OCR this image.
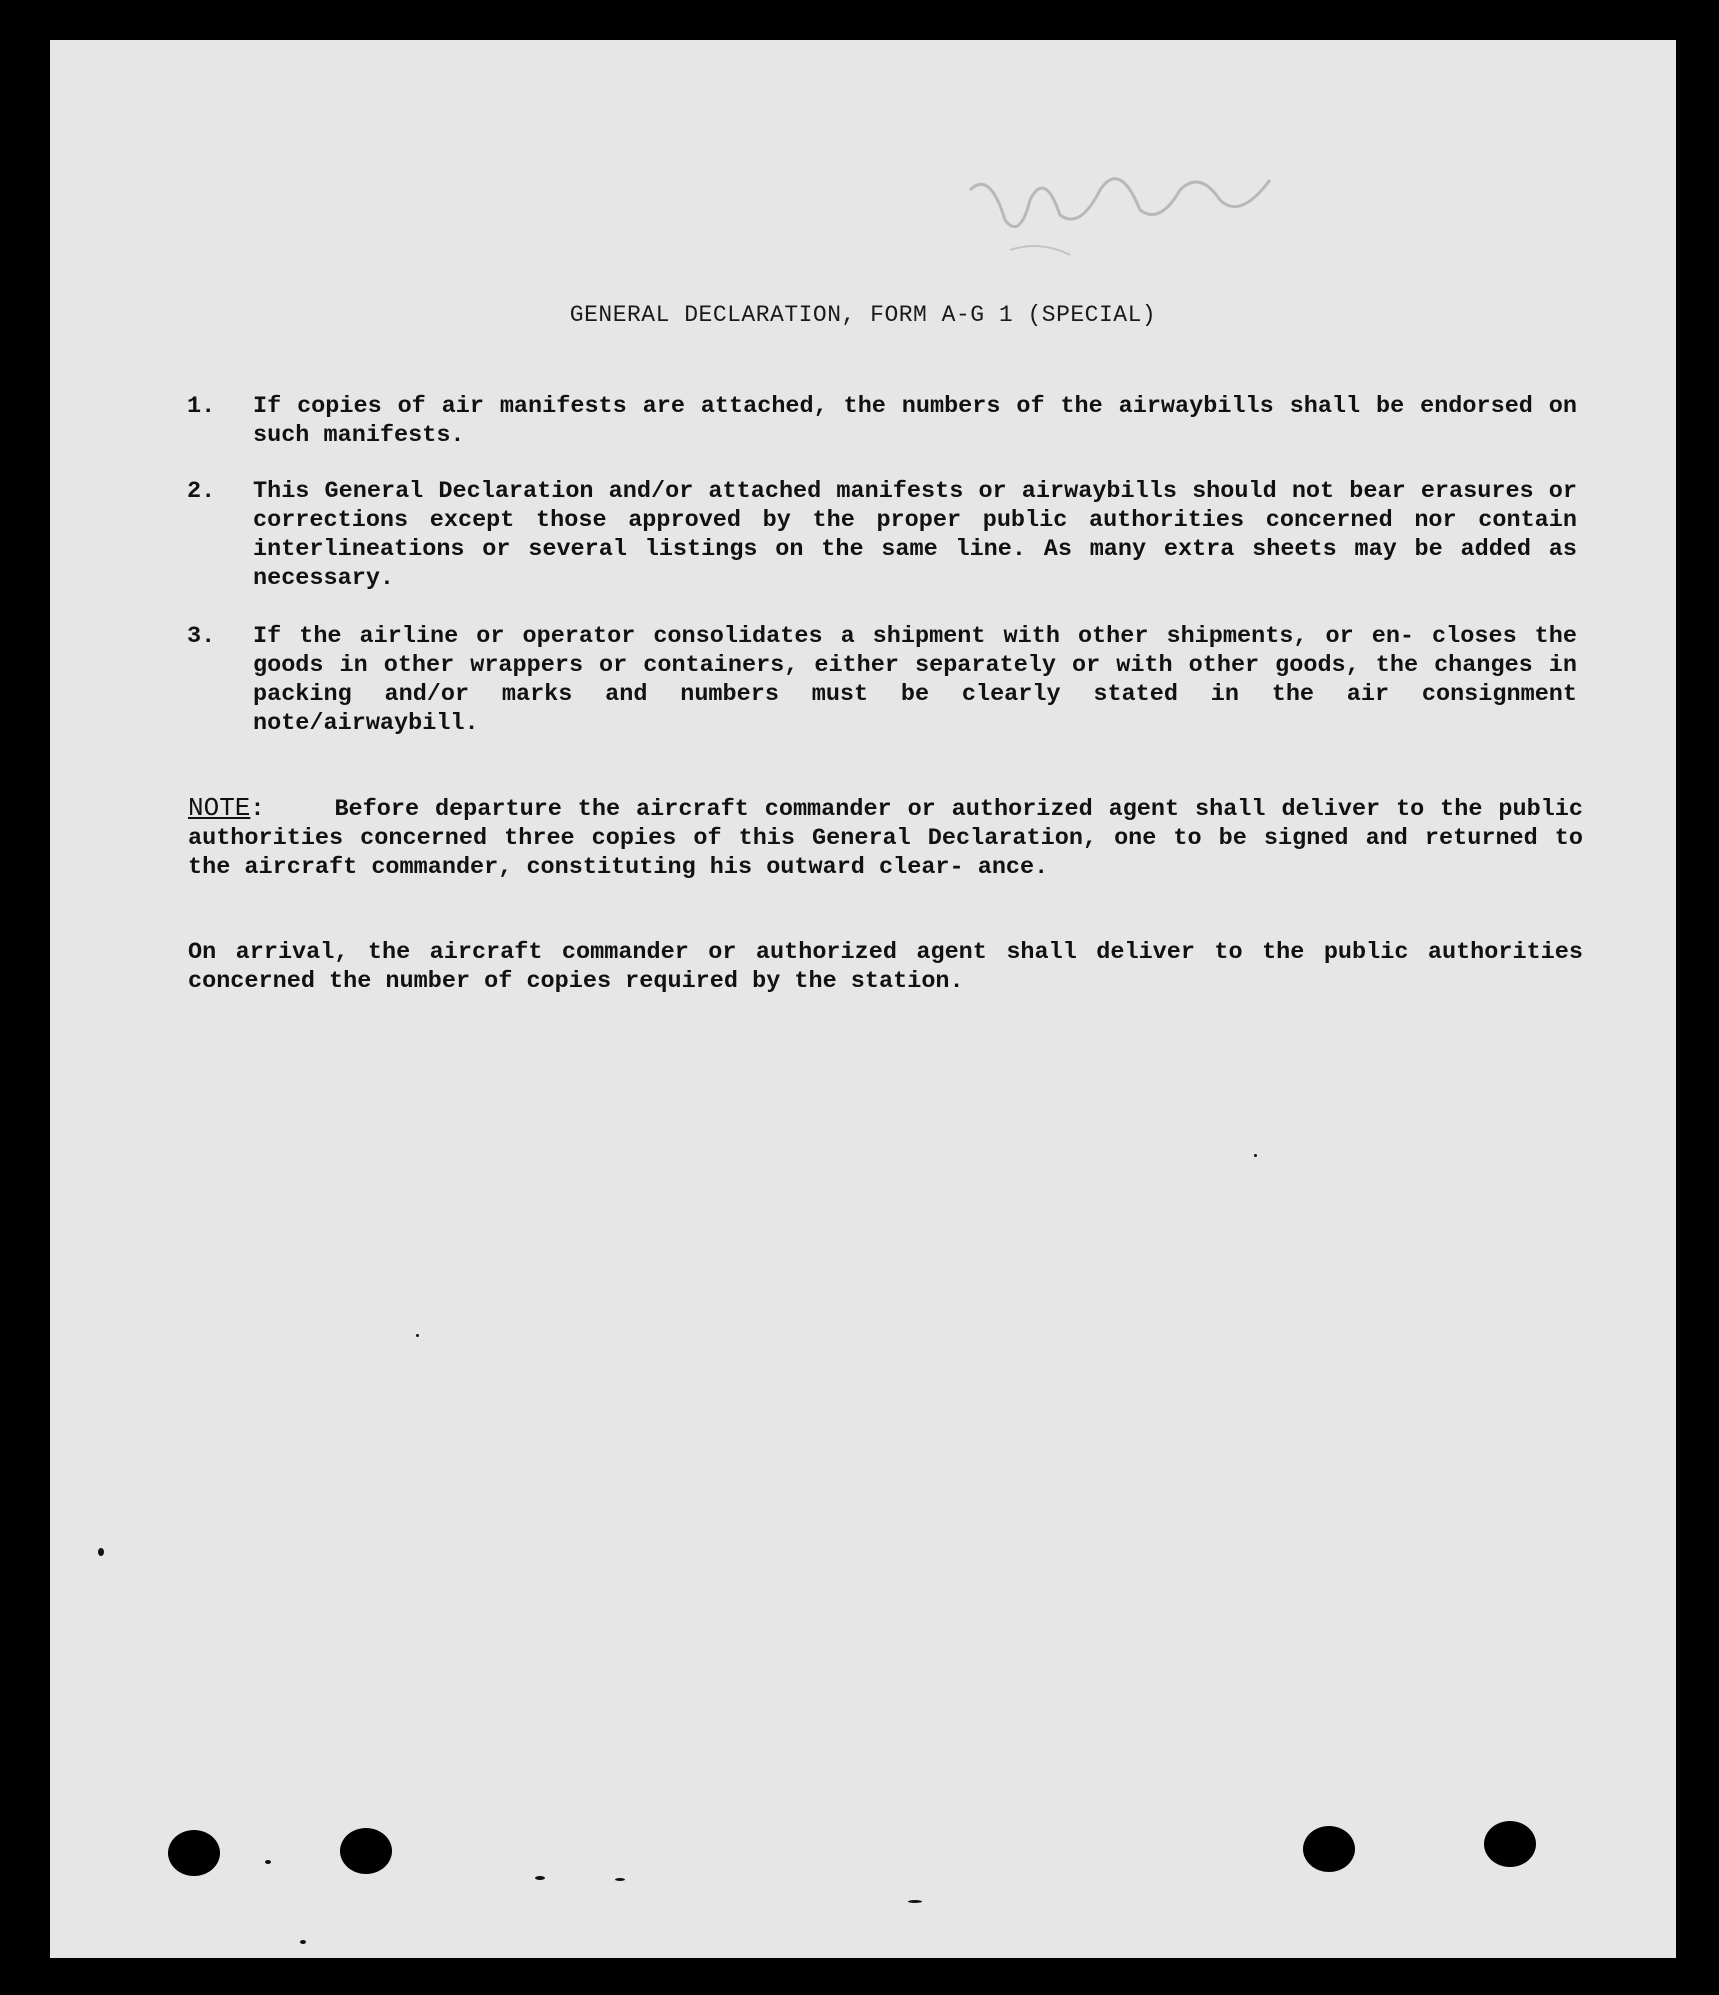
GENERAL DECLARATION, FORM A-G 1 (SPECIAL)
1. If copies of air manifests are attached, the numbers of the airwaybills shall be endorsed on such manifests.
2. This General Declaration and/or attached manifests or airwaybills should not bear erasures or corrections except those approved by the proper public authorities concerned nor contain interlineations or several listings on the same line. As many extra sheets may be added as necessary.
3. If the airline or operator consolidates a shipment with other shipments, or en- closes the goods in other wrappers or containers, either separately or with other goods, the changes in packing and/or marks and numbers must be clearly stated in the air consignment note/airwaybill.
NOTE:	Before departure the aircraft commander or authorized agent shall deliver to the public authorities concerned three copies of this General Declaration, one to be signed and returned to the aircraft commander, constituting his outward clear- ance.
On arrival, the aircraft commander or authorized agent shall deliver to the public authorities concerned the number of copies required by the station.
